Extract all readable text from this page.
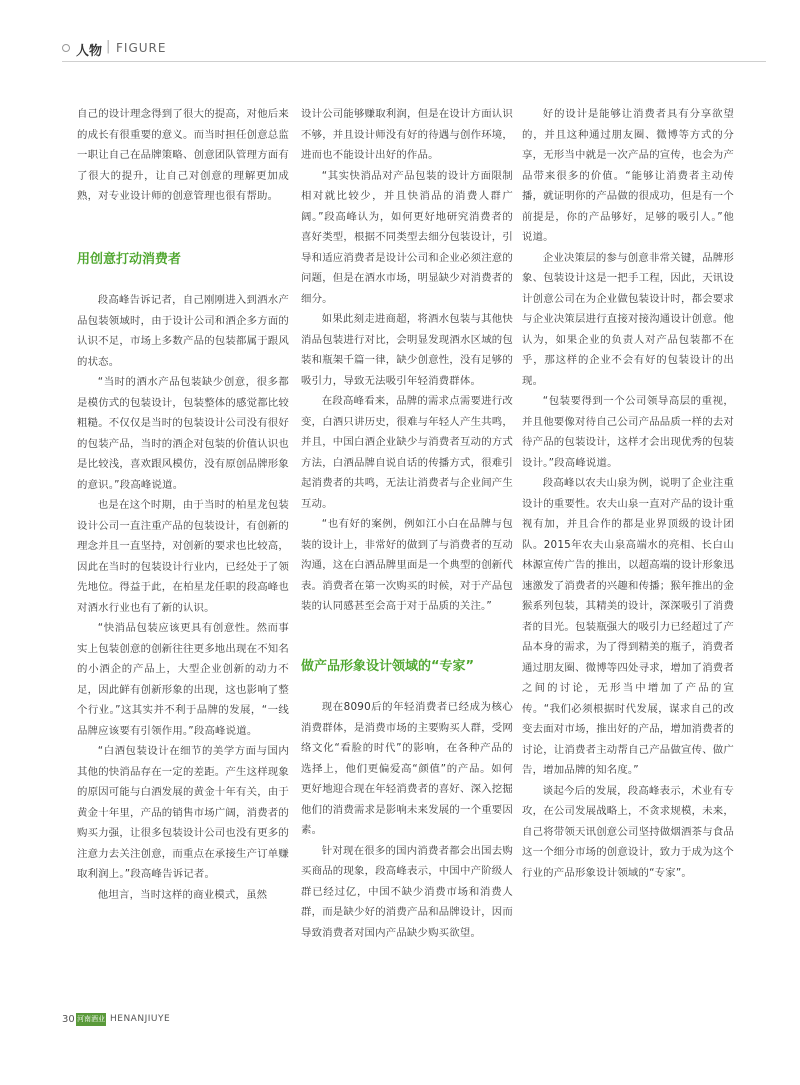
人物 | FIGURE

自己的设计理念得到了很大的提高，对他后来的成长有很重要的意义。而当时担任创意总监一职让自己在品牌策略、创意团队管理方面有了很大的提升，让自己对创意的理解更加成熟，对专业设计师的创意管理也很有帮助。

用创意打动消费者

段高峰告诉记者，自己刚刚进入到酒水产品包装领域时，由于设计公司和酒企多方面的认识不足，市场上多数产品的包装都属于跟风的状态。

“当时的酒水产品包装缺少创意，很多都是模仿式的包装设计，包装整体的感觉都比较粗糙。不仅仅是当时的包装设计公司没有很好的包装产品，当时的酒企对包装的价值认识也是比较浅，喜欢跟风模仿，没有原创品牌形象的意识。”段高峰说道。

也是在这个时期，由于当时的柏星龙包装设计公司一直注重产品的包装设计，有创新的理念并且一直坚持，对创新的要求也比较高，因此在当时的包装设计行业内，已经处于了领先地位。得益于此，在柏星龙任职的段高峰也对酒水行业也有了新的认识。

“快消品包装应该更具有创意性。然而事实上包装创意的创新往往更多地出现在不知名的小酒企的产品上，大型企业创新的动力不足，因此鲜有创新形象的出现，这也影响了整个行业。”这其实并不利于品牌的发展，“一线品牌应该要有引领作用。”段高峰说道。

“白酒包装设计在细节的美学方面与国内其他的快消品存在一定的差距。产生这样现象的原因可能与白酒发展的黄金十年有关，由于黄金十年里，产品的销售市场广阔，消费者的购买力强，让很多包装设计公司也没有更多的注意力去关注创意，而重点在承接生产订单赚取利润上。”段高峰告诉记者。

他坦言，当时这样的商业模式，虽然

设计公司能够赚取利润，但是在设计方面认识不够，并且设计师没有好的待遇与创作环境，进而也不能设计出好的作品。

“其实快消品对产品包装的设计方面限制相对就比较少，并且快消品的消费人群广阔。”段高峰认为，如何更好地研究消费者的喜好类型，根据不同类型去细分包装设计，引导和适应消费者是设计公司和企业必须注意的问题，但是在酒水市场，明显缺少对消费者的细分。

如果此刻走进商超，将酒水包装与其他快消品包装进行对比，会明显发现酒水区域的包装和瓶架千篇一律，缺少创意性，没有足够的吸引力，导致无法吸引年轻消费群体。

在段高峰看来，品牌的需求点需要进行改变，白酒只讲历史，很难与年轻人产生共鸣，并且，中国白酒企业缺少与消费者互动的方式方法，白酒品牌自说自话的传播方式，很难引起消费者的共鸣，无法让消费者与企业间产生互动。

“也有好的案例，例如江小白在品牌与包装的设计上，非常好的做到了与消费者的互动沟通，这在白酒品牌里面是一个典型的创新代表。消费者在第一次购买的时候，对于产品包装的认同感甚至会高于对于品质的关注。”

做产品形象设计领域的“专家”

现在8090后的年轻消费者已经成为核心消费群体，是消费市场的主要购买人群，受网络文化“看脸的时代”的影响，在各种产品的选择上，他们更偏爱高“颜值”的产品。如何更好地迎合现在年轻消费者的喜好、深入挖掘他们的消费需求是影响未来发展的一个重要因素。

针对现在很多的国内消费者都会出国去购买商品的现象，段高峰表示，中国中产阶级人群已经过亿，中国不缺少消费市场和消费人群，而是缺少好的消费产品和品牌设计，因而导致消费者对国内产品缺少购买欲望。

好的设计是能够让消费者具有分享欲望的，并且这种通过朋友圈、微博等方式的分享，无形当中就是一次产品的宣传，也会为产品带来很多的价值。“能够让消费者主动传播，就证明你的产品做的很成功，但是有一个前提是，你的产品够好，足够的吸引人。”他说道。

企业决策层的参与创意非常关键，品牌形象、包装设计这是一把手工程，因此，天讯设计创意公司在为企业做包装设计时，都会要求与企业决策层进行直接对接沟通设计创意。他认为，如果企业的负责人对产品包装都不在乎，那这样的企业不会有好的包装设计的出现。

“包装要得到一个公司领导高层的重视，并且他要像对待自己公司产品品质一样的去对待产品的包装设计，这样才会出现优秀的包装设计。”段高峰说道。

段高峰以农夫山泉为例，说明了企业注重设计的重要性。农夫山泉一直对产品的设计重视有加，并且合作的都是业界顶级的设计团队。2015年农夫山泉高端水的亮相、长白山林源宣传广告的推出，以超高端的设计形象迅速激发了消费者的兴趣和传播；猴年推出的金猴系列包装，其精美的设计，深深吸引了消费者的目光。包装瓶强大的吸引力已经超过了产品本身的需求，为了得到精美的瓶子，消费者通过朋友圈、微博等四处寻求，增加了消费者之间的讨论，无形当中增加了产品的宣传。“我们必须根据时代发展，谋求自己的改变去面对市场，推出好的产品，增加消费者的讨论，让消费者主动帮自己产品做宣传、做广告，增加品牌的知名度。”

谈起今后的发展，段高峰表示，术业有专攻，在公司发展战略上，不贪求规模，未来，自己将带领天讯创意公司坚持做烟酒茶与食品这一个细分市场的创意设计，致力于成为这个行业的产品形象设计领域的“专家”。

30 河南酒业 HENANJIUYE
